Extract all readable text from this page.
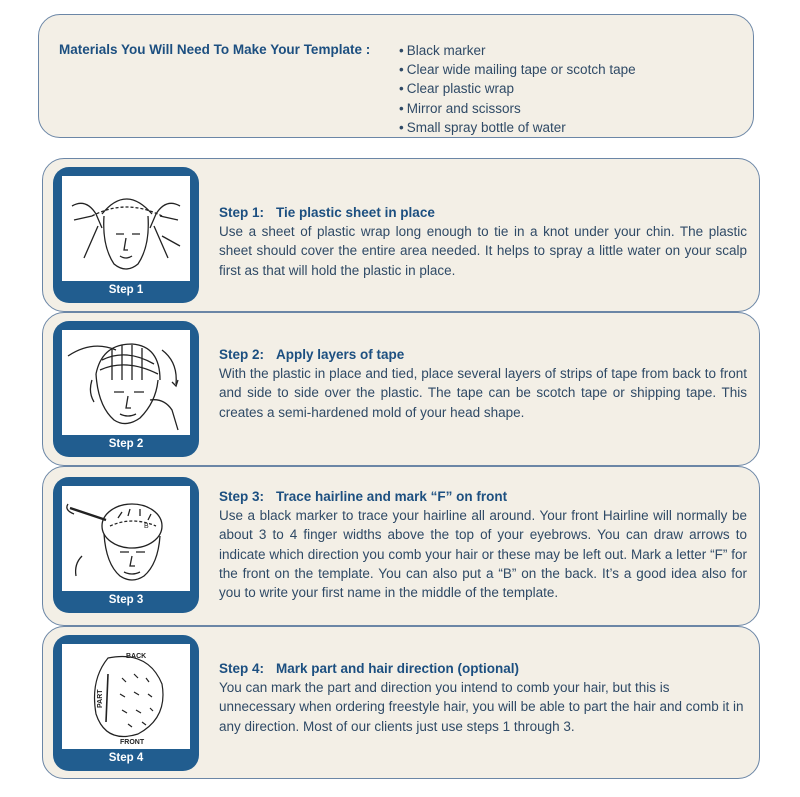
Materials You Will Need To Make Your Template : • Black marker
• Clear wide mailing tape or scotch tape
• Clear plastic wrap
• Mirror and scissors
• Small spray bottle of water
Step 1
Step 1: Tie plastic sheet in place

Use a sheet of plastic wrap long enough to tie in a knot under your chin. The plastic sheet should cover the entire area needed. It helps to spray a little water on your scalp first as that will hold the plastic in place.

Step 2
Step 2: Apply layers of tape

With the plastic in place and tied, place several layers of strips of tape from back to front and side to side over the plastic. The tape can be scotch tape or shipping tape. This creates a semi-hardened mold of your head shape.

B
Step 3
Step 3: Trace hairline and mark “F” on front

Use a black marker to trace your hairline all around. Your front Hairline will normally be about 3 to 4 finger widths above the top of your eyebrows. You can draw arrows to indicate which direction you comb your hair or these may be left out. Mark a letter “F” for the front on the template. You can also put a “B” on the back. It’s a good idea also for you to write your first name in the middle of the template.

BACK
PART
FRONT
Step 4
Step 4: Mark part and hair direction (optional)

You can mark the part and direction you intend to comb your hair, but this is unnecessary when ordering freestyle hair, you will be able to part the hair and comb it in any direction. Most of our clients just use steps 1 through 3.
